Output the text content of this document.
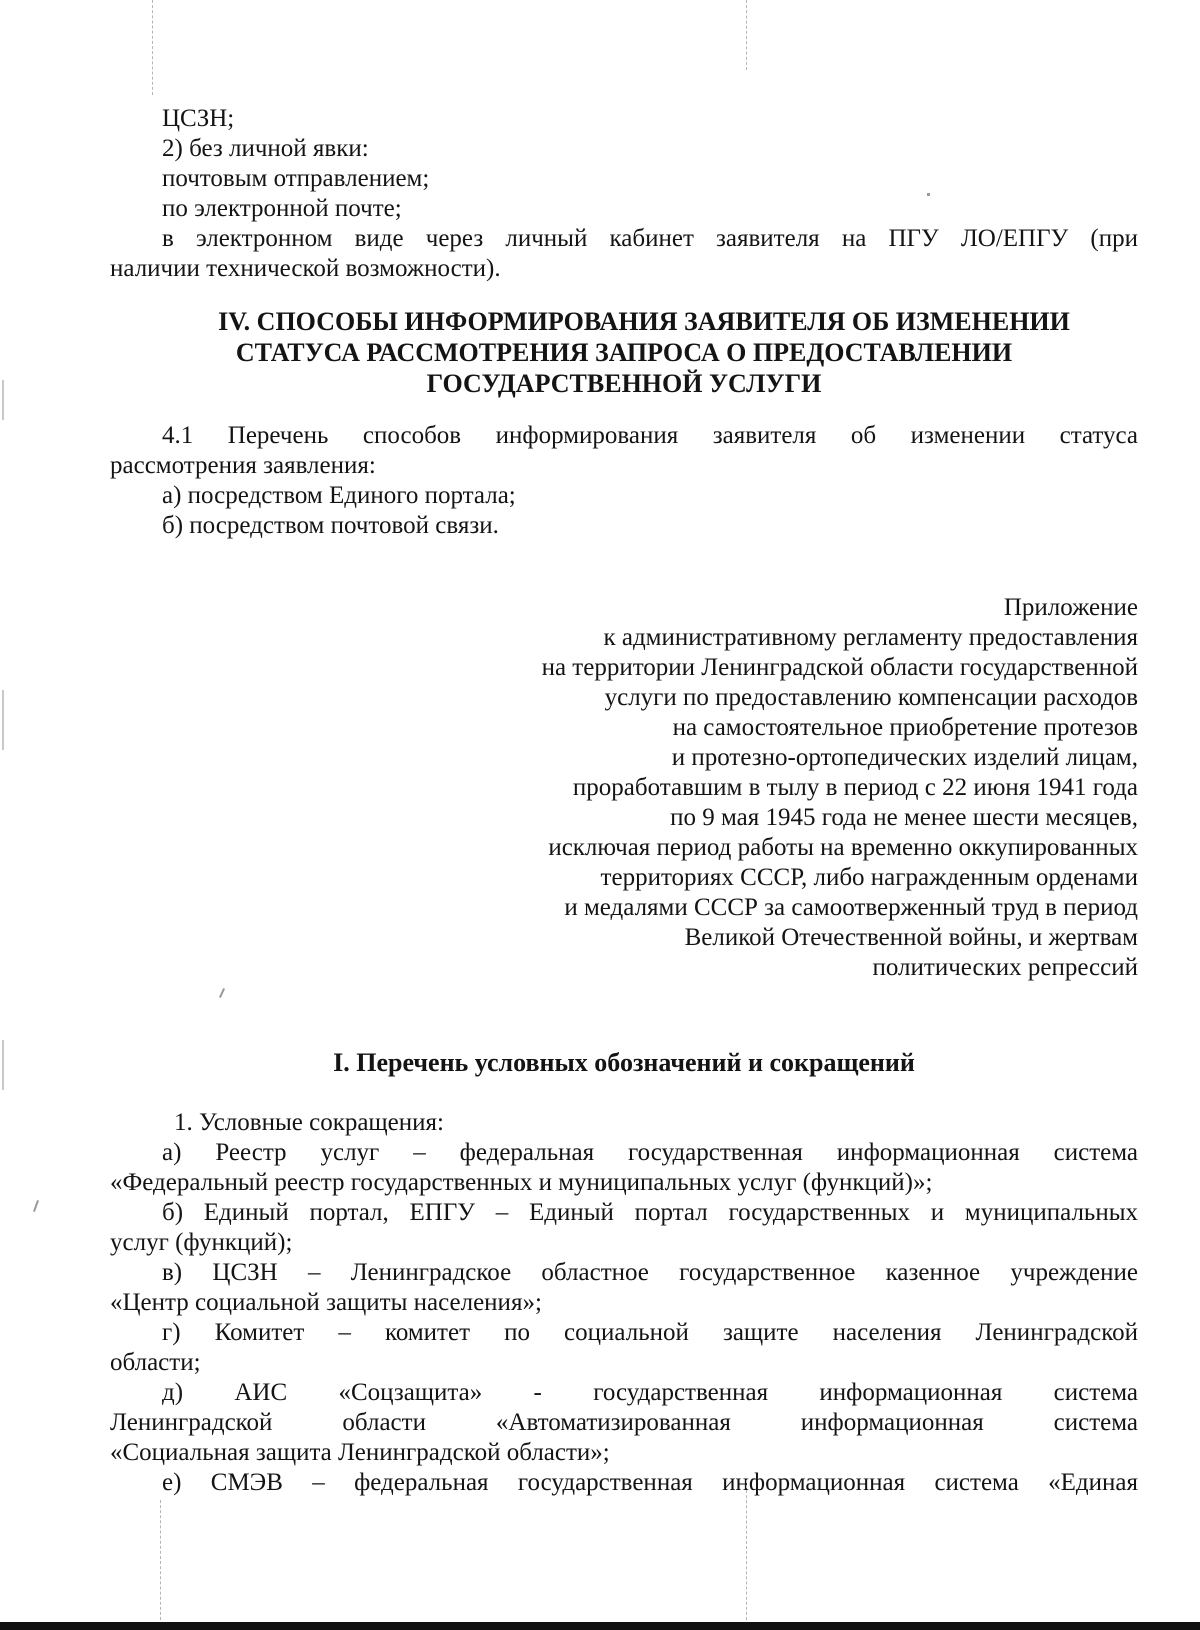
ЦСЗН;
2) без личной явки:
почтовым отправлением;
по электронной почте;
в электронном виде через личный кабинет заявителя на ПГУ ЛО/ЕПГУ (при
наличии технической возможности).
IV. СПОСОБЫ ИНФОРМИРОВАНИЯ ЗАЯВИТЕЛЯ ОБ ИЗМЕНЕНИИ
СТАТУСА РАССМОТРЕНИЯ ЗАПРОСА О ПРЕДОСТАВЛЕНИИ
ГОСУДАРСТВЕННОЙ УСЛУГИ
4.1 Перечень способов информирования заявителя об изменении статуса
рассмотрения заявления:
а) посредством Единого портала;
б) посредством почтовой связи.
Приложение
к административному регламенту предоставления
на территории Ленинградской области государственной
услуги по предоставлению компенсации расходов
на самостоятельное приобретение протезов
и протезно-ортопедических изделий лицам,
проработавшим в тылу в период с 22 июня 1941 года
по 9 мая 1945 года не менее шести месяцев,
исключая период работы на временно оккупированных
территориях СССР, либо награжденным орденами
и медалями СССР за самоотверженный труд в период
Великой Отечественной войны, и жертвам
политических репрессий
I. Перечень условных обозначений и сокращений
1. Условные сокращения:
а) Реестр услуг – федеральная государственная информационная система
«Федеральный реестр государственных и муниципальных услуг (функций)»;
б) Единый портал, ЕПГУ – Единый портал государственных и муниципальных
услуг (функций);
в) ЦСЗН – Ленинградское областное государственное казенное учреждение
«Центр социальной защиты населения»;
г) Комитет – комитет по социальной защите населения Ленинградской
области;
д) АИС «Соцзащита» - государственная информационная система
Ленинградской области «Автоматизированная информационная система
«Социальная защита Ленинградской области»;
е) СМЭВ – федеральная государственная информационная система «Единая
